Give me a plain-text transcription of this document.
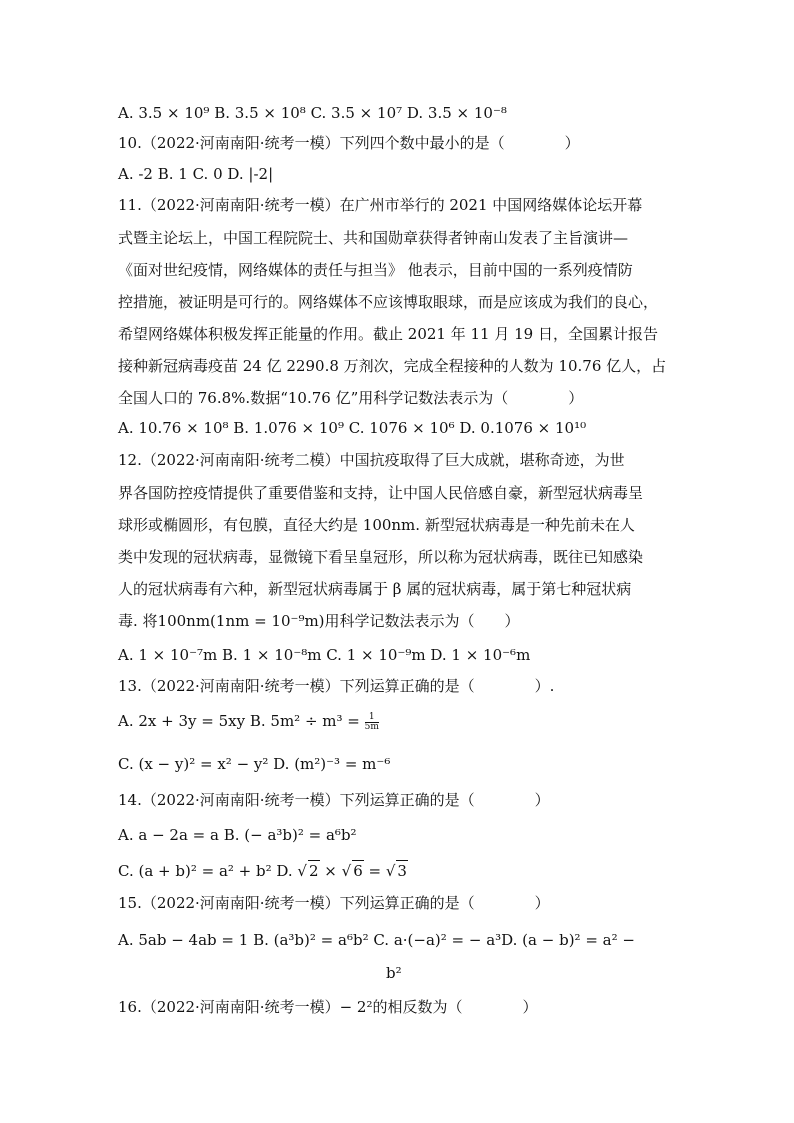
A. 3.5 × 10⁹ B. 3.5 × 10⁸ C. 3.5 × 10⁷ D. 3.5 × 10⁻⁸
10.（2022·河南南阳·统考一模）下列四个数中最小的是（　　　　）
A. -2 B. 1 C. 0 D. |-2|
11.（2022·河南南阳·统考一模）在广州市举行的 2021 中国网络媒体论坛开幕
式暨主论坛上，中国工程院院士、共和国勋章获得者钟南山发表了主旨演讲—
《面对世纪疫情，网络媒体的责任与担当》 他表示，目前中国的一系列疫情防
控措施，被证明是可行的。网络媒体不应该博取眼球，而是应该成为我们的良心，
希望网络媒体积极发挥正能量的作用。截止 2021 年 11 月 19 日，全国累计报告
接种新冠病毒疫苗 24 亿 2290.8 万剂次，完成全程接种的人数为 10.76 亿人，占
全国人口的 76.8%.数据“10.76 亿”用科学记数法表示为（　　　　）
A. 10.76 × 10⁸ B. 1.076 × 10⁹ C. 1076 × 10⁶ D. 0.1076 × 10¹⁰
12.（2022·河南南阳·统考二模）中国抗疫取得了巨大成就，堪称奇迹，为世
界各国防控疫情提供了重要借鉴和支持，让中国人民倍感自豪，新型冠状病毒呈
球形或椭圆形，有包膜，直径大约是 100nm. 新型冠状病毒是一种先前未在人
类中发现的冠状病毒，显微镜下看呈皇冠形，所以称为冠状病毒，既往已知感染
人的冠状病毒有六种，新型冠状病毒属于 β 属的冠状病毒，属于第七种冠状病
毒. 将100nm(1nm = 10⁻⁹m)用科学记数法表示为（　　）
A. 1 × 10⁻⁷m B. 1 × 10⁻⁸m C. 1 × 10⁻⁹m D. 1 × 10⁻⁶m
13.（2022·河南南阳·统考一模）下列运算正确的是（　　　　）.
A. 2x + 3y = 5xy B. $5m^2 \div m^3 = \frac{1}{5m}$
C. (x − y)² = x² − y² D. (m²)⁻³ = m⁻⁶
14.（2022·河南南阳·统考一模）下列运算正确的是（　　　　）
A. a − 2a = a B. (− a³b)² = a⁶b²
C. (a + b)² = a² + b² D. √ 2 × √ 6 = √ 3
15.（2022·河南南阳·统考一模）下列运算正确的是（　　　　）
A. 5ab − 4ab = 1 B. (a³b)² = a⁶b² C. a·(−a)² = − a³D. (a − b)² = a² −
b²
16.（2022·河南南阳·统考一模）− 2²的相反数为（　　　　）
